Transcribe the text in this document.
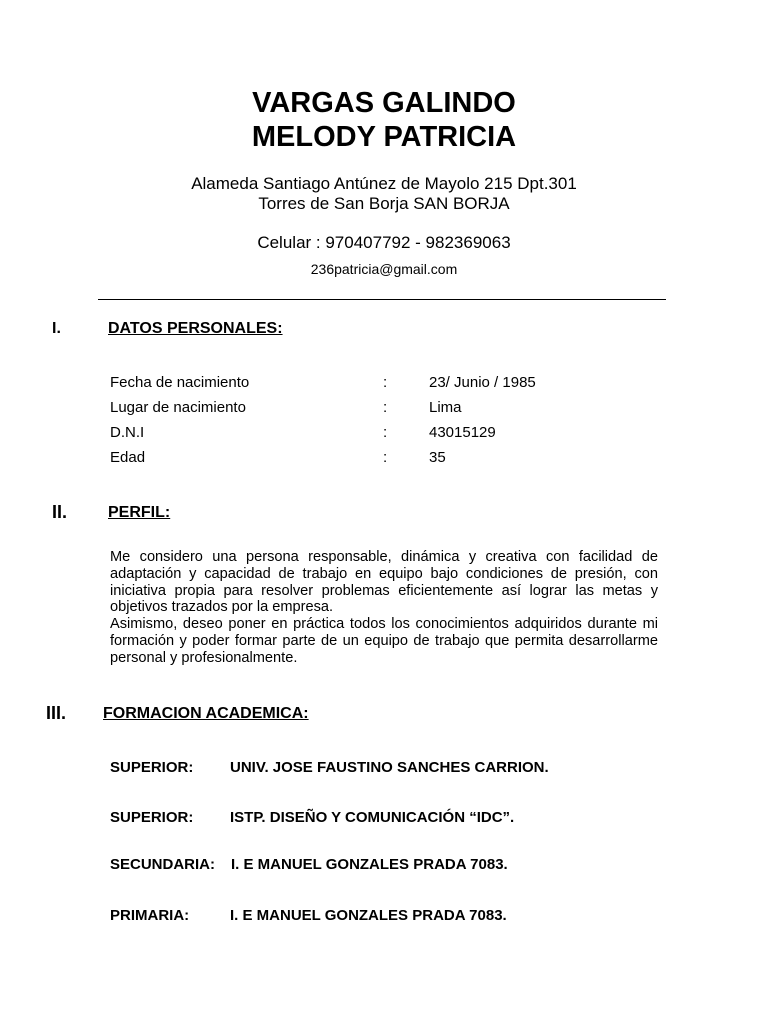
VARGAS GALINDO
MELODY PATRICIA
Alameda Santiago Antúnez de Mayolo 215 Dpt.301
Torres de San Borja SAN BORJA
Celular : 970407792 - 982369063
236patricia@gmail.com
I.	DATOS PERSONALES:
Fecha de nacimiento	:	23/ Junio / 1985
Lugar de nacimiento	:	Lima
D.N.I	:	43015129
Edad	:	35
II.	PERFIL:

Me considero una persona responsable, dinámica y creativa con facilidad de adaptación y capacidad de trabajo en equipo bajo condiciones de presión, con iniciativa propia para resolver problemas eficientemente así lograr las metas y objetivos trazados por la empresa.

Asimismo, deseo poner en práctica todos los conocimientos adquiridos durante mi formación y poder formar parte de un equipo de trabajo que permita desarrollarme personal y profesionalmente.

III. FORMACION ACADEMICA:
SUPERIOR: UNIV. JOSE FAUSTINO SANCHES CARRION.
SUPERIOR: ISTP. DISEÑO Y COMUNICACIÓN “IDC”.
SECUNDARIA: I. E MANUEL GONZALES PRADA 7083.
PRIMARIA:	I. E MANUEL GONZALES PRADA 7083.
